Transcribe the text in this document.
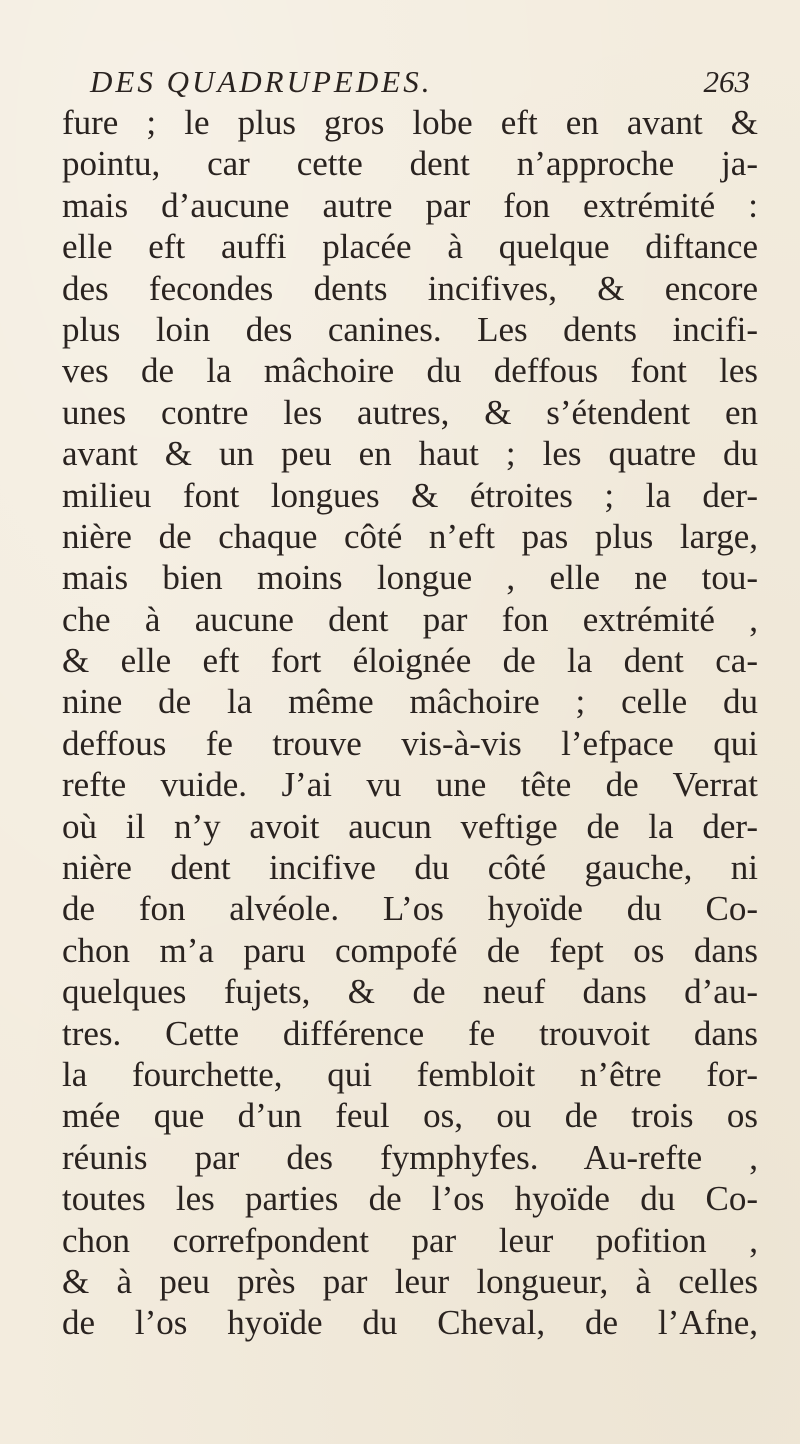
DES QUADRUPEDES.	263
fure ; le plus gros lobe eft en avant &
pointu, car cette dent n’approche ja-
mais d’aucune autre par fon extrémité :
elle eft auffi placée à quelque diftance
des fecondes dents incifives, & encore
plus loin des canines. Les dents incifi-
ves de la mâchoire du deffous font les
unes contre les autres, & s’étendent en
avant & un peu en haut ; les quatre du
milieu font longues & étroites ; la der-
nière de chaque côté n’eft pas plus large,
mais bien moins longue , elle ne tou-
che à aucune dent par fon extrémité ,
& elle eft fort éloignée de la dent ca-
nine de la même mâchoire ; celle du
deffous fe trouve vis-à-vis l’efpace qui
refte vuide. J’ai vu une tête de Verrat
où il n’y avoit aucun veftige de la der-
nière dent incifive du côté gauche, ni
de fon alvéole. L’os hyoïde du Co-
chon m’a paru compofé de fept os dans
quelques fujets, & de neuf dans d’au-
tres. Cette différence fe trouvoit dans
la fourchette, qui fembloit n’être for-
mée que d’un feul os, ou de trois os
réunis par des fymphyfes. Au-refte ,
toutes les parties de l’os hyoïde du Co-
chon correfpondent par leur pofition ,
& à peu près par leur longueur, à celles
de l’os hyoïde du Cheval, de l’Afne,
